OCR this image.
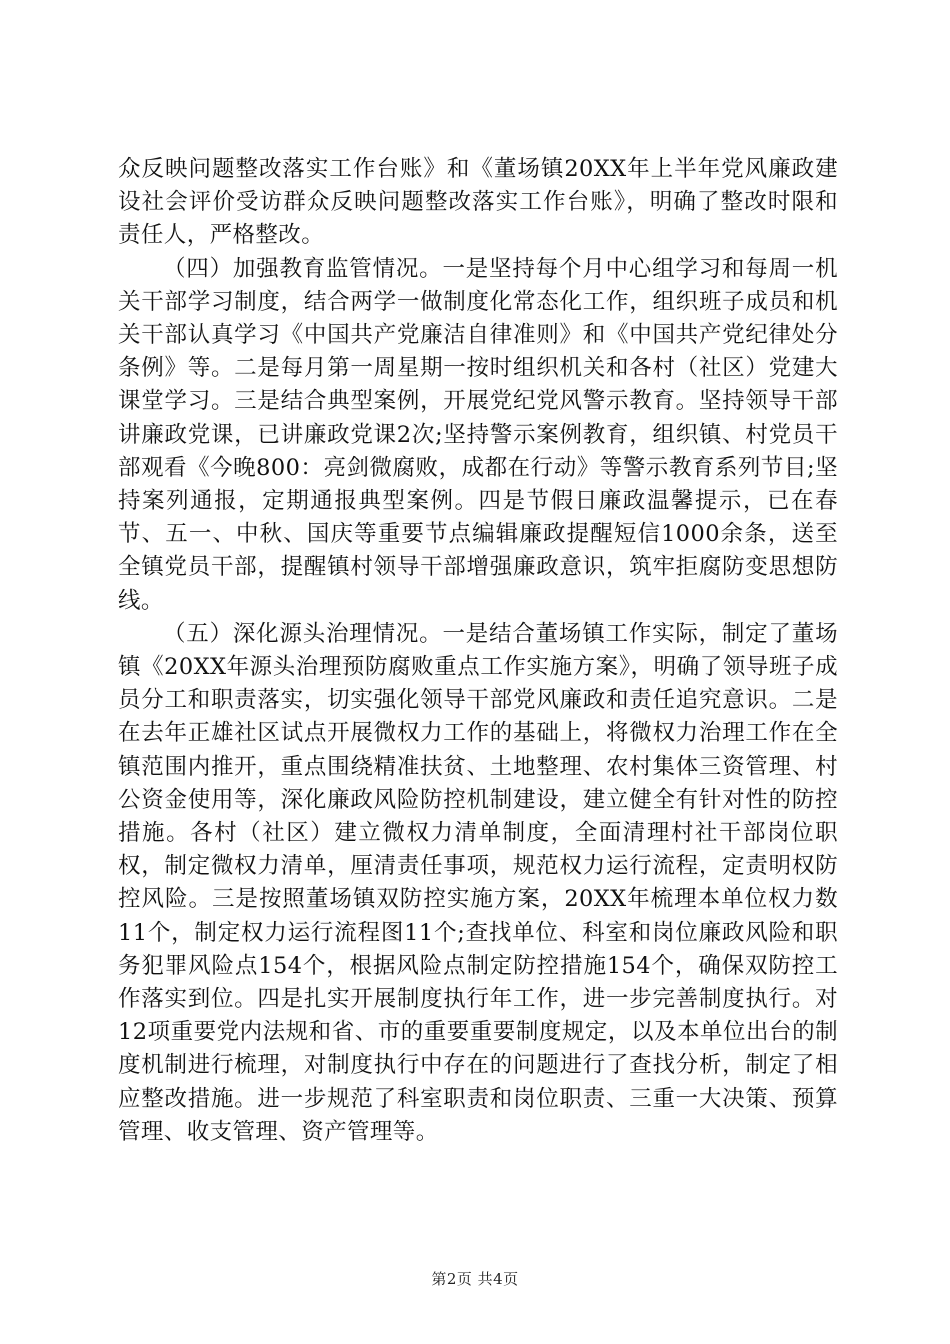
众反映问题整改落实工作台账》和《董场镇20XX年上半年党风廉政建设社会评价受访群众反映问题整改落实工作台账》，明确了整改时限和责任人，严格整改。

（四）加强教育监管情况。一是坚持每个月中心组学习和每周一机关干部学习制度，结合两学一做制度化常态化工作，组织班子成员和机关干部认真学习《中国共产党廉洁自律准则》和《中国共产党纪律处分条例》等。二是每月第一周星期一按时组织机关和各村（社区）党建大课堂学习。三是结合典型案例，开展党纪党风警示教育。坚持领导干部讲廉政党课，已讲廉政党课2次;坚持警示案例教育，组织镇、村党员干部观看《今晚800：亮剑微腐败，成都在行动》等警示教育系列节目;坚持案列通报，定期通报典型案例。四是节假日廉政温馨提示，已在春节、五一、中秋、国庆等重要节点编辑廉政提醒短信1000余条，送至全镇党员干部，提醒镇村领导干部增强廉政意识，筑牢拒腐防变思想防线。

（五）深化源头治理情况。一是结合董场镇工作实际，制定了董场镇《20XX年源头治理预防腐败重点工作实施方案》，明确了领导班子成员分工和职责落实，切实强化领导干部党风廉政和责任追究意识。二是在去年正雄社区试点开展微权力工作的基础上，将微权力治理工作在全镇范围内推开，重点围绕精准扶贫、土地整理、农村集体三资管理、村公资金使用等，深化廉政风险防控机制建设，建立健全有针对性的防控措施。各村（社区）建立微权力清单制度，全面清理村社干部岗位职权，制定微权力清单，厘清责任事项，规范权力运行流程，定责明权防控风险。三是按照董场镇双防控实施方案，20XX年梳理本单位权力数11个，制定权力运行流程图11个;查找单位、科室和岗位廉政风险和职务犯罪风险点154个，根据风险点制定防控措施154个，确保双防控工作落实到位。四是扎实开展制度执行年工作，进一步完善制度执行。对12项重要党内法规和省、市的重要重要制度规定，以及本单位出台的制度机制进行梳理，对制度执行中存在的问题进行了查找分析，制定了相应整改措施。进一步规范了科室职责和岗位职责、三重一大决策、预算管理、收支管理、资产管理等。

第2页 共4页
